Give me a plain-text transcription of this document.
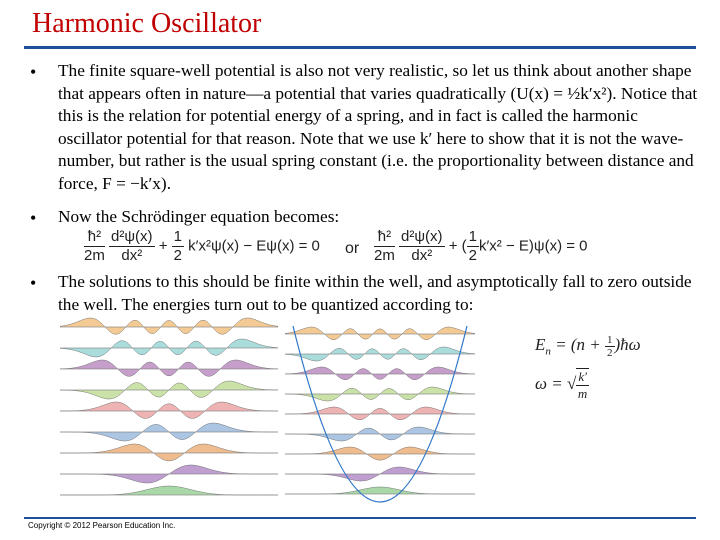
Harmonic Oscillator
• The finite square-well potential is also not very realistic, so let us think about another shape that appears often in nature—a potential that varies quadratically (U(x) = ½k′x²). Notice that this is the relation for potential energy of a spring, and in fact is called the harmonic oscillator potential for that reason. Note that we use k′ here to show that it is not the wave-number, but rather is the usual spring constant (i.e. the proportionality between distance and force, F = −k′x).
• Now the Schrödinger equation becomes:
$\frac{\text{ħ²}}{2m}$
$\frac{\text{d²ψ(x)}}{\text{dx²}} + \frac{1}{2} k'x^2\psi(x) - E\psi(x) = 0$ or $\frac{\text{ħ²}}{2m}$
$\frac{\text{d²ψ(x)}}{\text{dx²}}$ + ( $\frac{1}{2} k'x^2 - E)\psi(x) = 0$
• The solutions to this should be finite within the well, and asymptotically fall to zero outside the well. The energies turn out to be quantized according to:
$E_n = (n + \frac{1}{2}$ )ħω
ω = √ $\frac{k'}{m}$
Copyright © 2012 Pearson Education Inc.
